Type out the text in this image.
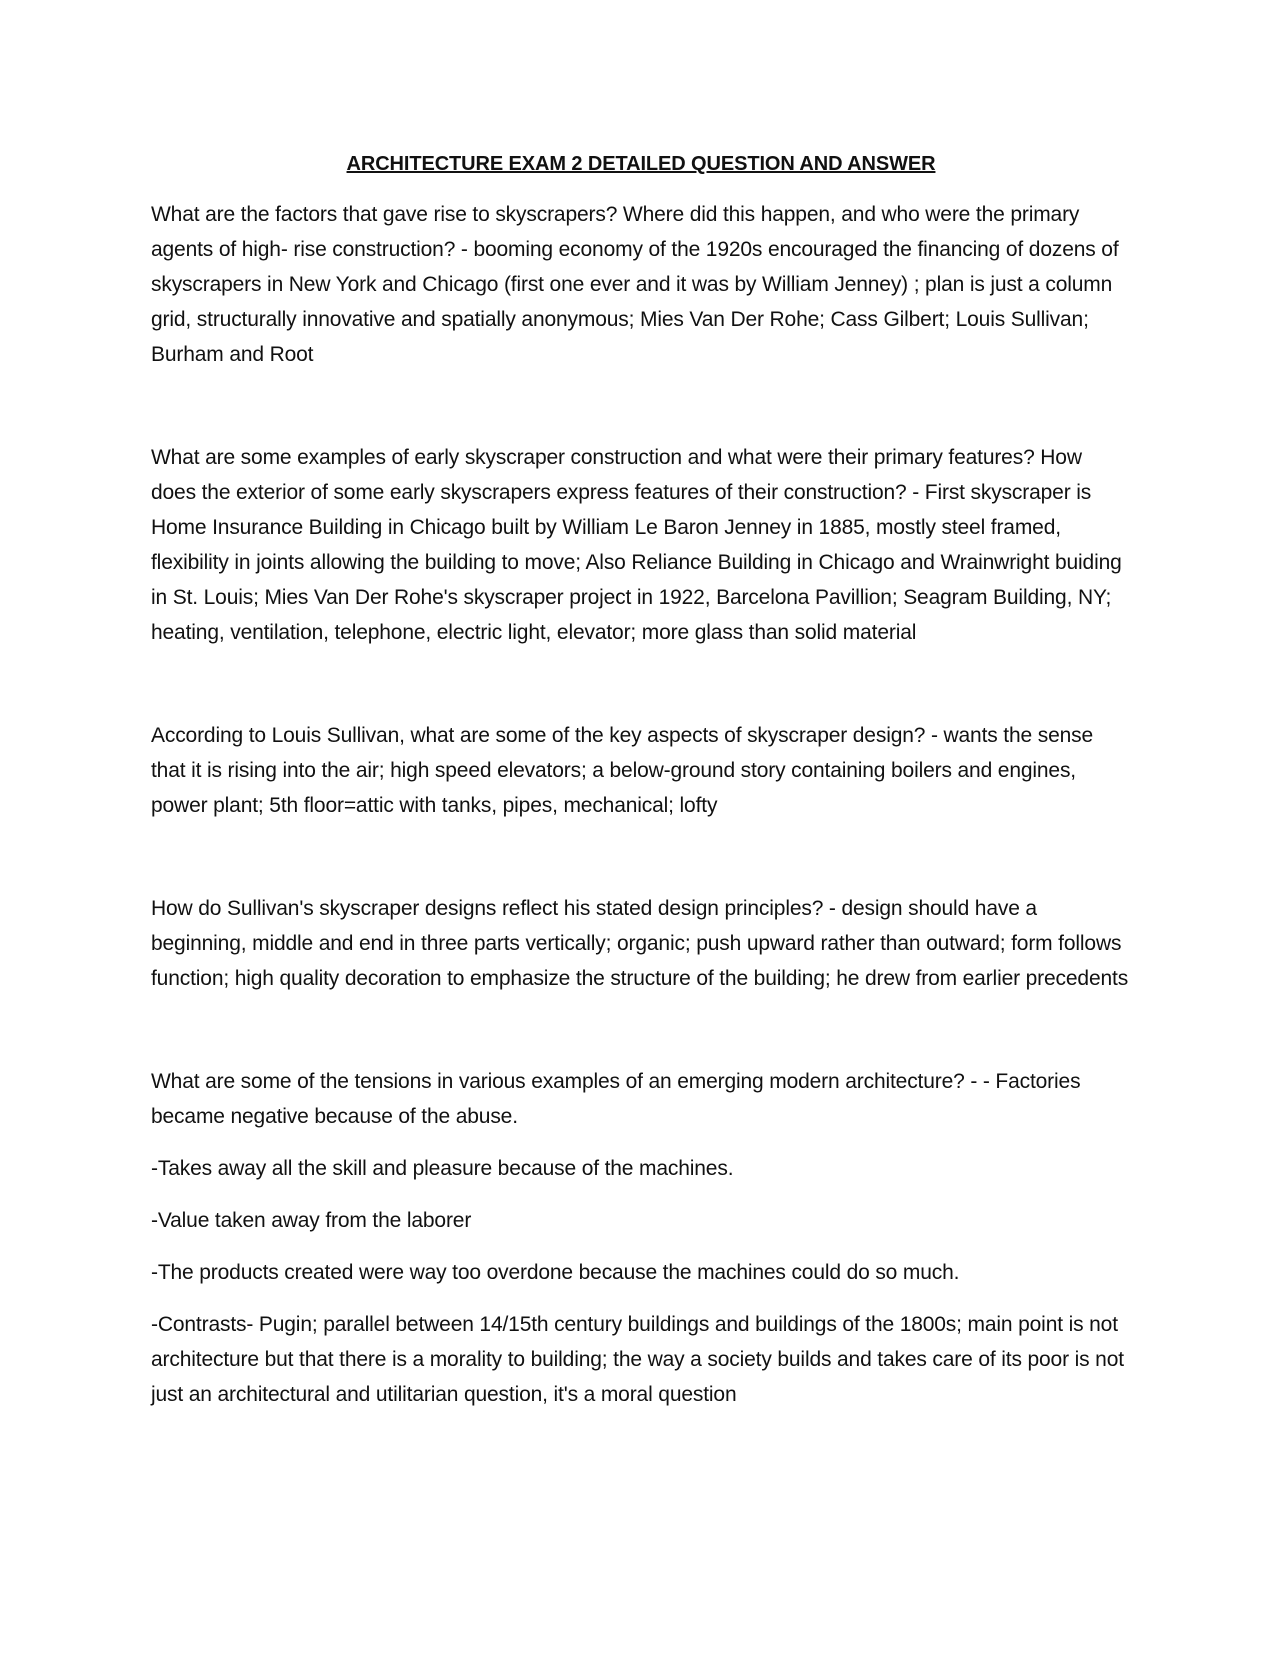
ARCHITECTURE EXAM 2 DETAILED QUESTION AND ANSWER

What are the factors that gave rise to skyscrapers? Where did this happen, and who were the primary agents of high- rise construction? - booming economy of the 1920s encouraged the financing of dozens of skyscrapers in New York and Chicago (first one ever and it was by William Jenney) ; plan is just a column grid, structurally innovative and spatially anonymous; Mies Van Der Rohe; Cass Gilbert; Louis Sullivan; Burham and Root

What are some examples of early skyscraper construction and what were their primary features? How does the exterior of some early skyscrapers express features of their construction? - First skyscraper is Home Insurance Building in Chicago built by William Le Baron Jenney in 1885, mostly steel framed, flexibility in joints allowing the building to move; Also Reliance Building in Chicago and Wrainwright buiding in St. Louis; Mies Van Der Rohe's skyscraper project in 1922, Barcelona Pavillion; Seagram Building, NY; heating, ventilation, telephone, electric light, elevator; more glass than solid material

According to Louis Sullivan, what are some of the key aspects of skyscraper design? - wants the sense that it is rising into the air; high speed elevators; a below-ground story containing boilers and engines, power plant; 5th floor=attic with tanks, pipes, mechanical; lofty

How do Sullivan's skyscraper designs reflect his stated design principles? - design should have a beginning, middle and end in three parts vertically; organic; push upward rather than outward; form follows function; high quality decoration to emphasize the structure of the building; he drew from earlier precedents

What are some of the tensions in various examples of an emerging modern architecture? - - Factories became negative because of the abuse.

-Takes away all the skill and pleasure because of the machines.

-Value taken away from the laborer

-The products created were way too overdone because the machines could do so much.

-Contrasts- Pugin; parallel between 14/15th century buildings and buildings of the 1800s; main point is not architecture but that there is a morality to building; the way a society builds and takes care of its poor is not just an architectural and utilitarian question, it's a moral question
